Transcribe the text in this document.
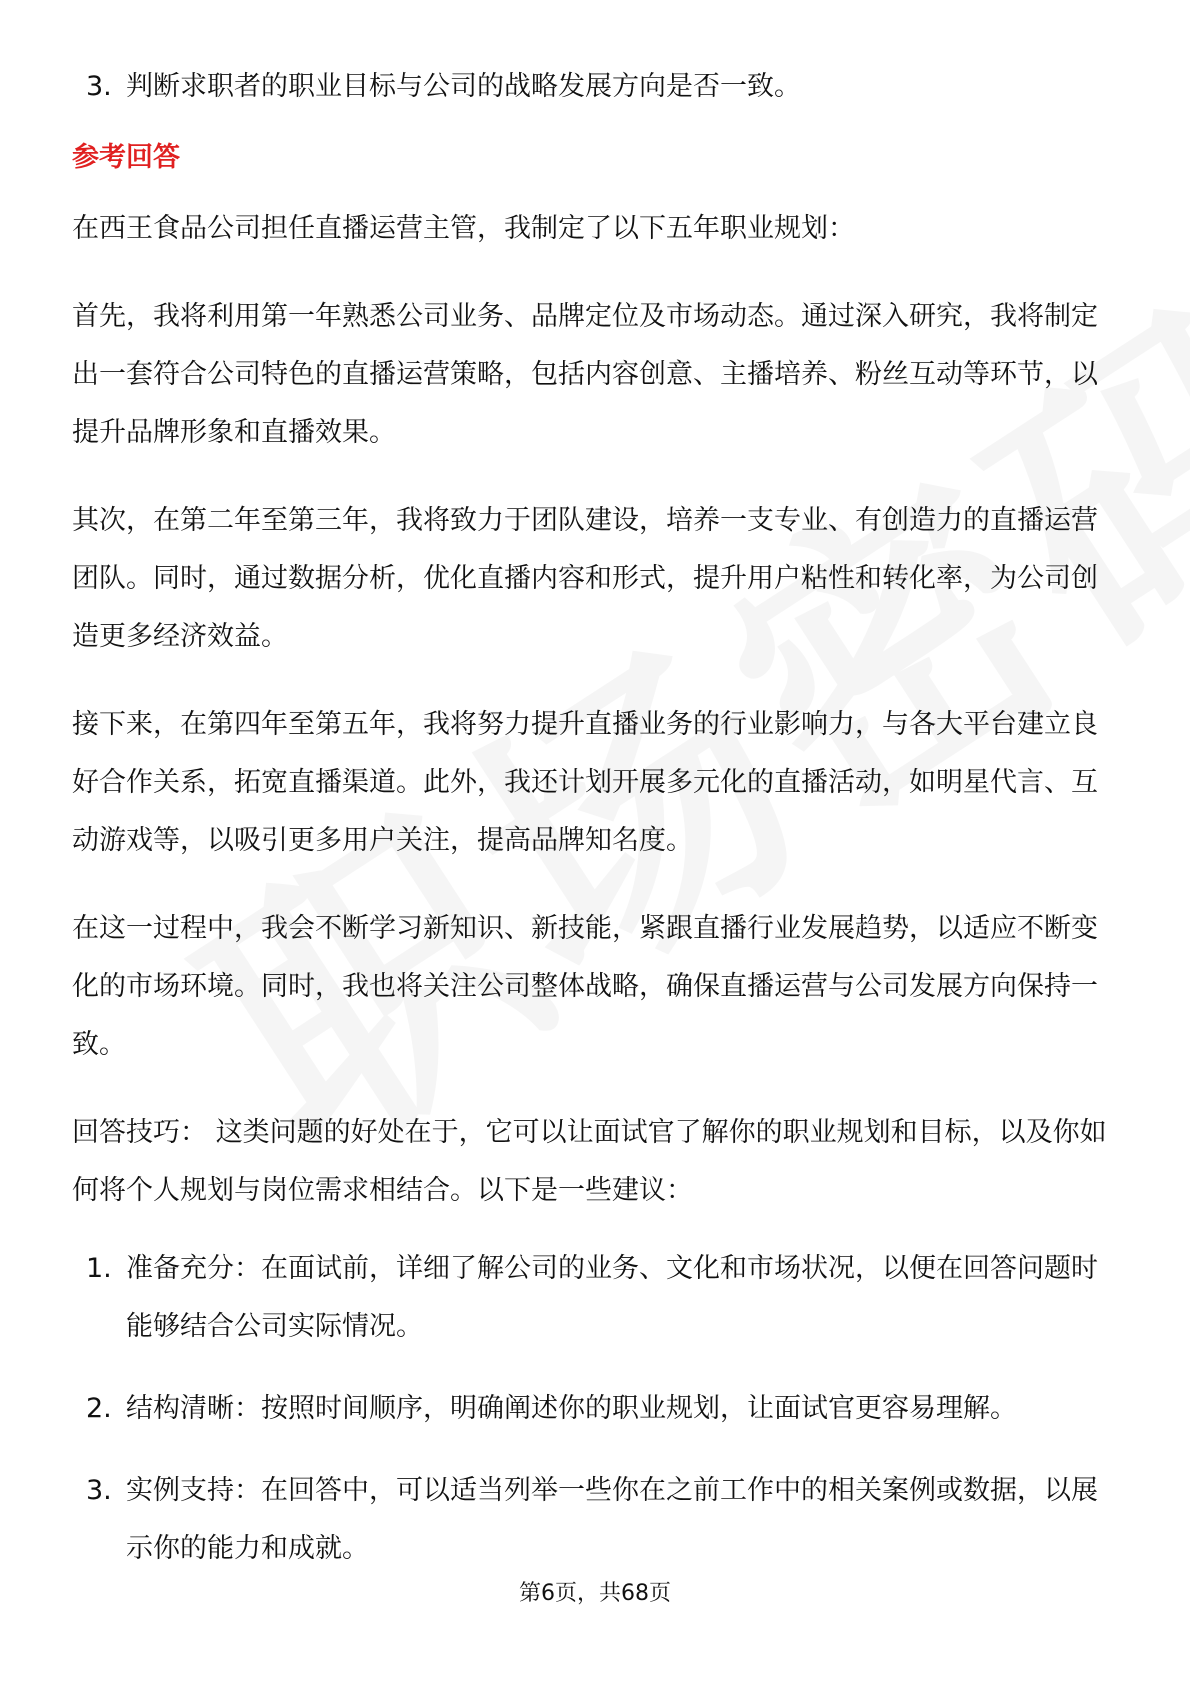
3. 判断求职者的职业目标与公司的战略发展方向是否一致。
参考回答

在西王食品公司担任直播运营主管，我制定了以下五年职业规划：

首先，我将利用第一年熟悉公司业务、品牌定位及市场动态。通过深入研究，我将制定出一套符合公司特色的直播运营策略，包括内容创意、主播培养、粉丝互动等环节，以提升品牌形象和直播效果。

其次，在第二年至第三年，我将致力于团队建设，培养一支专业、有创造力的直播运营团队。同时，通过数据分析，优化直播内容和形式，提升用户粘性和转化率，为公司创造更多经济效益。

接下来，在第四年至第五年，我将努力提升直播业务的行业影响力，与各大平台建立良好合作关系，拓宽直播渠道。此外，我还计划开展多元化的直播活动，如明星代言、互动游戏等，以吸引更多用户关注，提高品牌知名度。

在这一过程中，我会不断学习新知识、新技能，紧跟直播行业发展趋势，以适应不断变化的市场环境。同时，我也将关注公司整体战略，确保直播运营与公司发展方向保持一致。

回答技巧： 这类问题的好处在于，它可以让面试官了解你的职业规划和目标，以及你如何将个人规划与岗位需求相结合。以下是一些建议：

1. 准备充分：在面试前，详细了解公司的业务、文化和市场状况，以便在回答问题时能够结合公司实际情况。
2. 结构清晰：按照时间顺序，明确阐述你的职业规划，让面试官更容易理解。
3. 实例支持：在回答中，可以适当列举一些你在之前工作中的相关案例或数据，以展示你的能力和成就。
第6页，共68页
